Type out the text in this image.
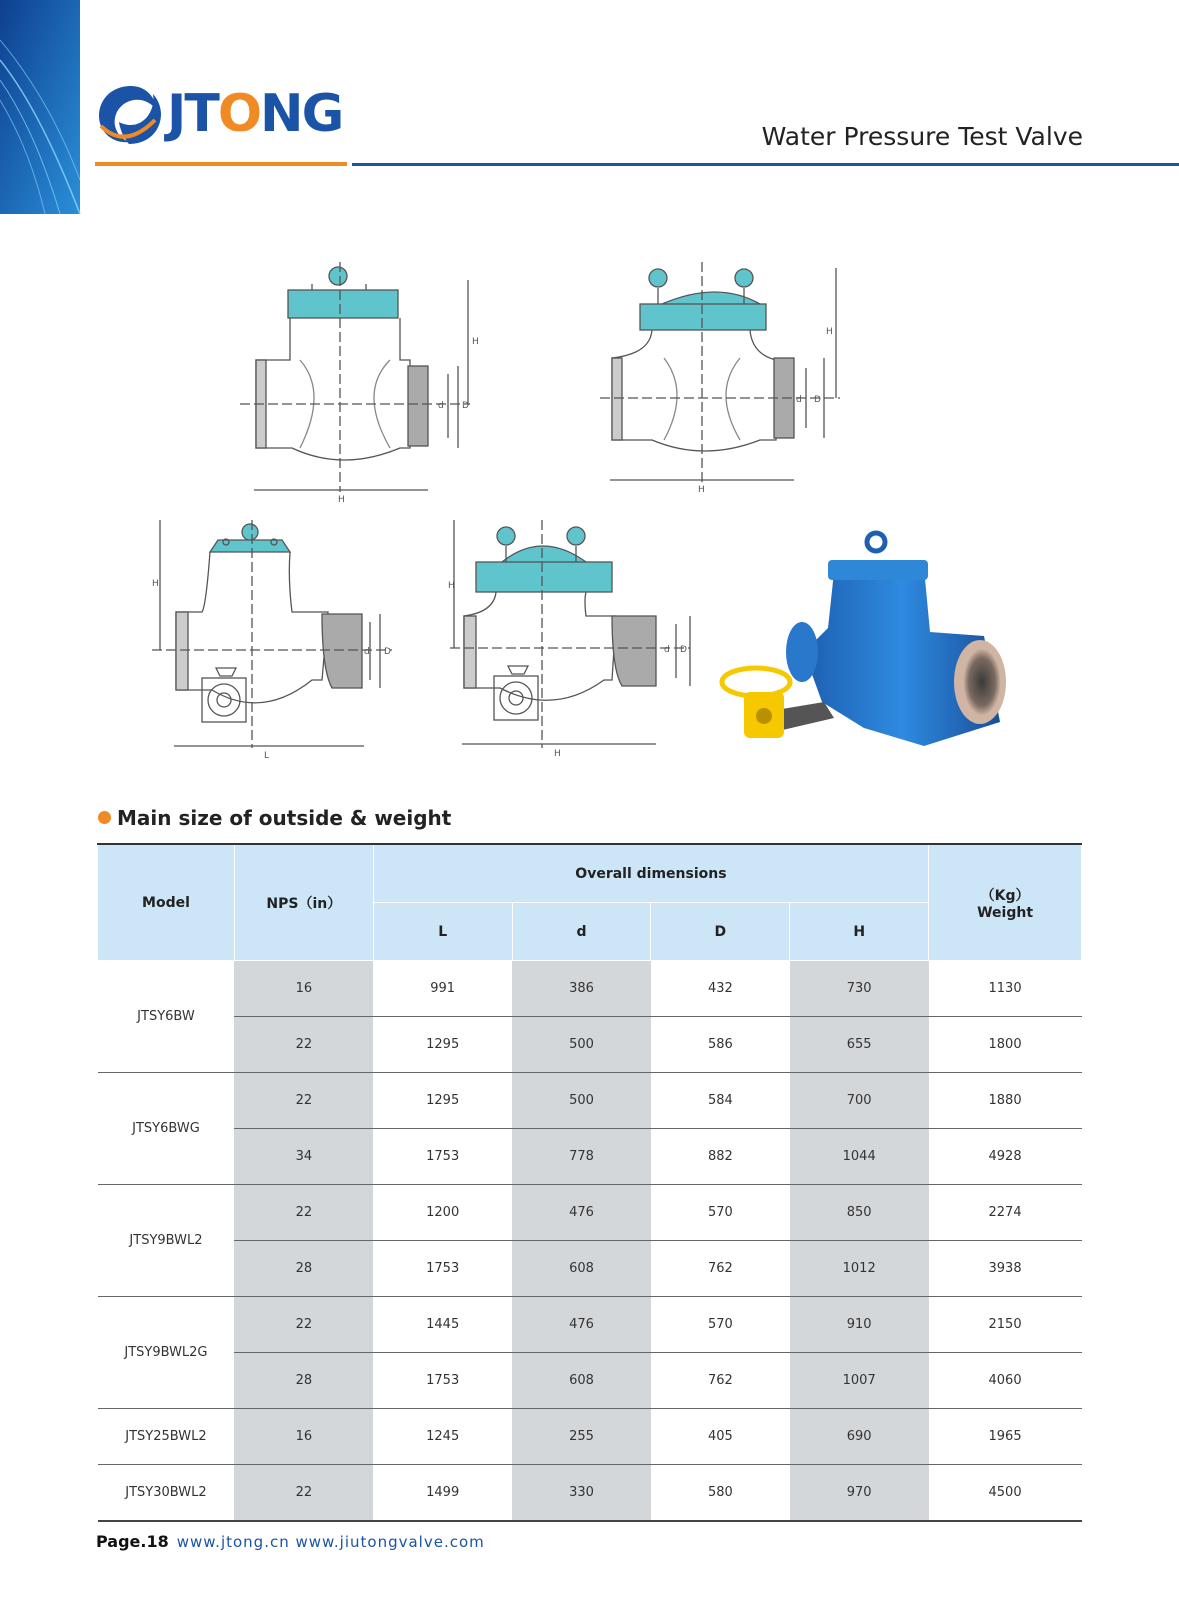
JTONG	Water Pressure Test Valve
H
D
d
H
H
D
d
H
H
D
d
L
H
D
d
H
Main size of outside & weight
Model	NPS（in）	Overall dimensions				（Kg）
Weight

		L	d	D	H	
JTSY6BW	16	991	386	432	730	1130
	22	1295	500	586	655	1800
JTSY6BWG	22	1295	500	584	700	1880
	34	1753	778	882	1044	4928
JTSY9BWL2	22	1200	476	570	850	2274
	28	1753	608	762	1012	3938
JTSY9BWL2G	22	1445	476	570	910	2150
	28	1753	608	762	1007	4060
JTSY25BWL2	16	1245	255	405	690	1965
JTSY30BWL2	22	1499	330	580	970	4500
Page.18 www.jtong.cn www.jiutongvalve.com
